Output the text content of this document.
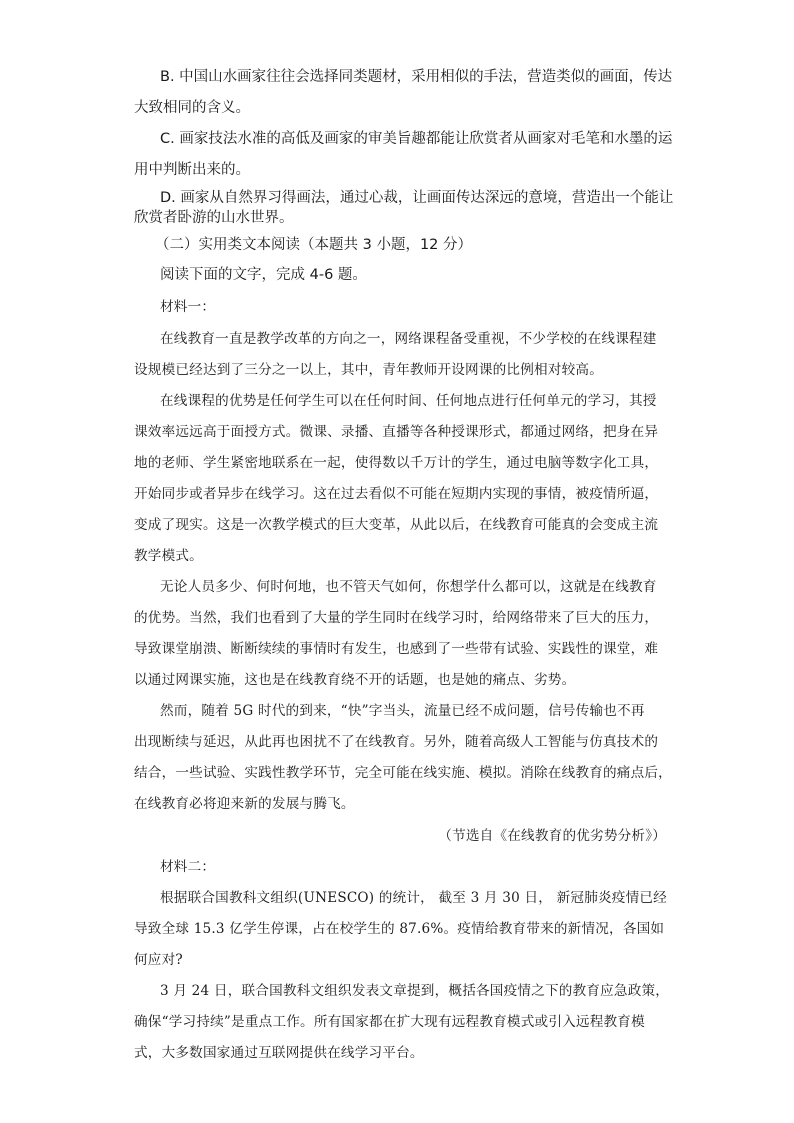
B. 中国山水画家往往会选择同类题材，采用相似的手法，营造类似的画面，传达
大致相同的含义。
C. 画家技法水准的高低及画家的审美旨趣都能让欣赏者从画家对毛笔和水墨的运
用中判断出来的。
D. 画家从自然界习得画法，通过心裁，让画面传达深远的意境，营造出一个能让
欣赏者卧游的山水世界。
（二）实用类文本阅读（本题共 3 小题，12 分）
阅读下面的文字，完成 4-6 题。
材料一：
在线教育一直是教学改革的方向之一，网络课程备受重视，不少学校的在线课程建
设规模已经达到了三分之一以上，其中，青年教师开设网课的比例相对较高。
在线课程的优势是任何学生可以在任何时间、任何地点进行任何单元的学习，其授
课效率远远高于面授方式。微课、录播、直播等各种授课形式，都通过网络，把身在异
地的老师、学生紧密地联系在一起，使得数以千万计的学生，通过电脑等数字化工具，
开始同步或者异步在线学习。这在过去看似不可能在短期内实现的事情，被疫情所逼，
变成了现实。这是一次教学模式的巨大变革，从此以后，在线教育可能真的会变成主流
教学模式。
无论人员多少、何时何地，也不管天气如何，你想学什么都可以，这就是在线教育
的优势。当然，我们也看到了大量的学生同时在线学习时，给网络带来了巨大的压力，
导致课堂崩溃、断断续续的事情时有发生，也感到了一些带有试验、实践性的课堂，难
以通过网课实施，这也是在线教育绕不开的话题，也是她的痛点、劣势。
然而，随着 5G 时代的到来，“快”字当头，流量已经不成问题，信号传输也不再
出现断续与延迟，从此再也困扰不了在线教育。另外，随着高级人工智能与仿真技术的
结合，一些试验、实践性教学环节，完全可能在线实施、模拟。消除在线教育的痛点后，
在线教育必将迎来新的发展与腾飞。
（节选自《在线教育的优劣势分析》）
材料二：
根据联合国教科文组织(UNESCO) 的统计， 截至 3 月 30 日， 新冠肺炎疫情已经
导致全球 15.3 亿学生停课，占在校学生的 87.6%。疫情给教育带来的新情况，各国如
何应对?
3 月 24 日，联合国教科文组织发表文章提到，概括各国疫情之下的教育应急政策，
确保“学习持续”是重点工作。所有国家都在扩大现有远程教育模式或引入远程教育模
式，大多数国家通过互联网提供在线学习平台。
